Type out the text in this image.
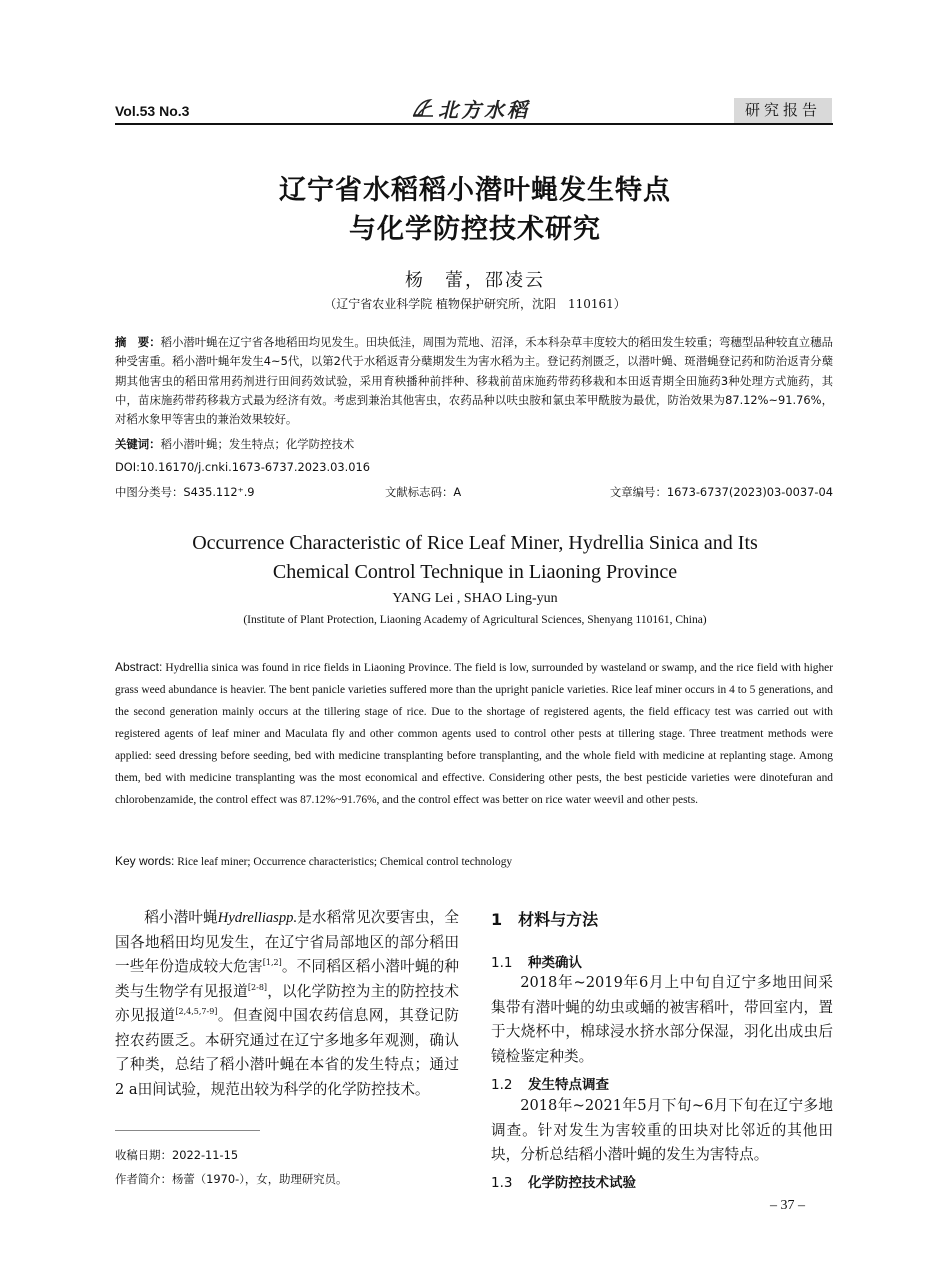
Vol.53 No.3	北方水稻	研究报告
辽宁省水稻稻小潜叶蝇发生特点
与化学防控技术研究
杨　蕾，邵凌云
（辽宁省农业科学院 植物保护研究所，沈阳　110161）
摘　要：稻小潜叶蝇在辽宁省各地稻田均见发生。田块低洼，周围为荒地、沼泽，禾本科杂草丰度较大的稻田发生较重；弯穗型品种较直立穗品种受害重。稻小潜叶蝇年发生4~5代，以第2代于水稻返青分蘖期发生为害水稻为主。登记药剂匮乏，以潜叶蝇、斑潜蝇登记药和防治返青分蘖期其他害虫的稻田常用药剂进行田间药效试验，采用育秧播种前拌种、移栽前苗床施药带药移栽和本田返青期全田施药3种处理方式施药，其中，苗床施药带药移栽方式最为经济有效。考虑到兼治其他害虫，农药品种以呋虫胺和氯虫苯甲酰胺为最优，防治效果为87.12%~91.76%，对稻水象甲等害虫的兼治效果较好。
关键词：稻小潜叶蝇；发生特点；化学防控技术
DOI:10.16170/j.cnki.1673-6737.2023.03.016
中图分类号：S435.112⁺.9	文献标志码：A	文章编号：1673-6737(2023)03-0037-04
Occurrence Characteristic of Rice Leaf Miner, Hydrellia Sinica and Its
Chemical Control Technique in Liaoning Province
YANG Lei , SHAO Ling-yun
(Institute of Plant Protection, Liaoning Academy of Agricultural Sciences, Shenyang 110161, China)
Abstract: Hydrellia sinica was found in rice fields in Liaoning Province. The field is low, surrounded by wasteland or swamp, and the rice field with higher grass weed abundance is heavier. The bent panicle varieties suffered more than the upright panicle varieties. Rice leaf miner occurs in 4 to 5 generations, and the second generation mainly occurs at the tillering stage of rice. Due to the shortage of registered agents, the field efficacy test was carried out with registered agents of leaf miner and Maculata fly and other common agents used to control other pests at tillering stage. Three treatment methods were applied: seed dressing before seeding, bed with medicine transplanting before transplanting, and the whole field with medicine at replanting stage. Among them, bed with medicine transplanting was the most economical and effective. Considering other pests, the best pesticide varieties were dinotefuran and chlorobenzamide, the control effect was 87.12%~91.76%, and the control effect was better on rice water weevil and other pests.
Key words: Rice leaf miner; Occurrence characteristics; Chemical control technology
稻小潜叶蝇Hydrelliaspp.是水稻常见次要害虫，全国各地稻田均见发生，在辽宁省局部地区的部分稻田一些年份造成较大危害[1,2]。不同稻区稻小潜叶蝇的种类与生物学有见报道[2-8]，以化学防控为主的防控技术亦见报道[2,4,5,7-9]。但查阅中国农药信息网，其登记防控农药匮乏。本研究通过在辽宁多地多年观测，确认了种类，总结了稻小潜叶蝇在本省的发生特点；通过2 a田间试验，规范出较为科学的化学防控技术。
收稿日期：2022-11-15
作者简介：杨蕾（1970-），女，助理研究员。
1　材料与方法
1.1 种类确认
2018年~2019年6月上中旬自辽宁多地田间采集带有潜叶蝇的幼虫或蛹的被害稻叶，带回室内，置于大烧杯中，棉球浸水挤水部分保湿，羽化出成虫后镜检鉴定种类。
1.2 发生特点调查
2018年~2021年5月下旬~6月下旬在辽宁多地调查。针对发生为害较重的田块对比邻近的其他田块，分析总结稻小潜叶蝇的发生为害特点。
1.3 化学防控技术试验
– 37 –
